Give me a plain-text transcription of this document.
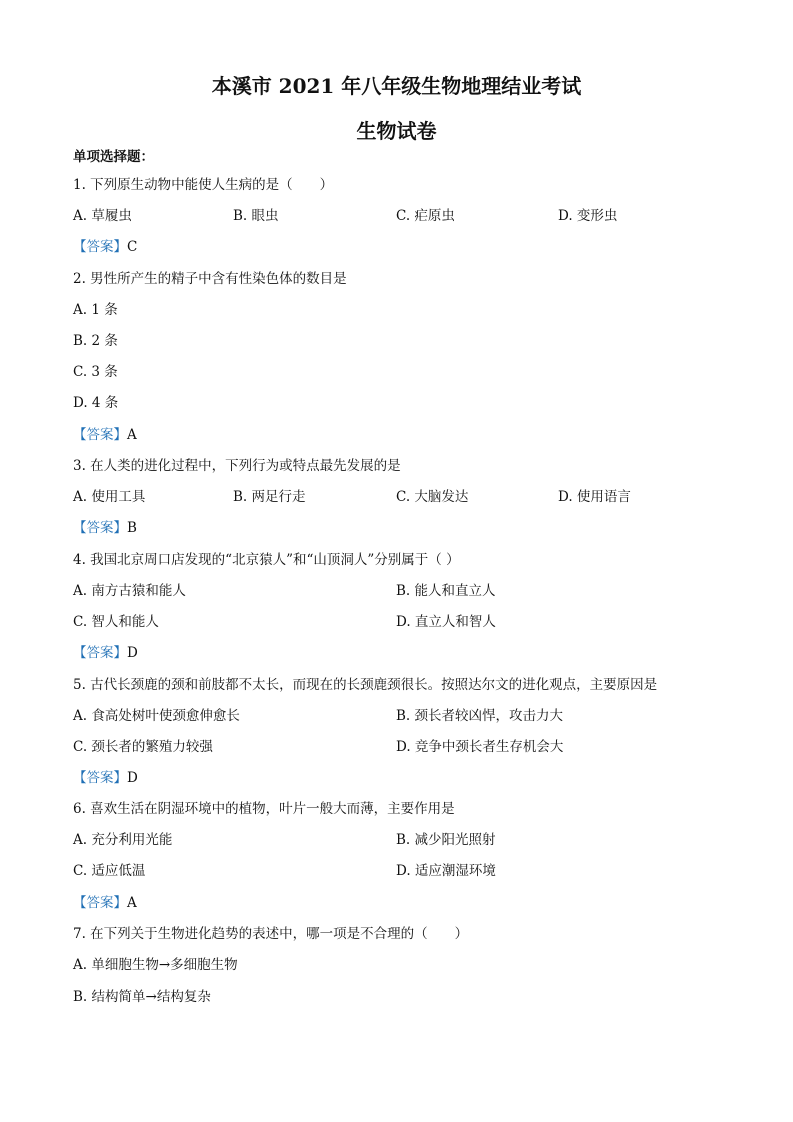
本溪市 2021 年八年级生物地理结业考试
生物试卷
单项选择题：
1. 下列原生动物中能使人生病的是（　　）
A. 草履虫	B. 眼虫	C. 疟原虫	D. 变形虫
【答案】C
2. 男性所产生的精子中含有性染色体的数目是
A. 1 条
B. 2 条
C. 3 条
D. 4 条
【答案】A
3. 在人类的进化过程中，下列行为或特点最先发展的是
A. 使用工具	B. 两足行走	C. 大脑发达	D. 使用语言
【答案】B
4. 我国北京周口店发现的“北京猿人”和“山顶洞人”分别属于（ ）
A. 南方古猿和能人	B. 能人和直立人
C. 智人和能人	D. 直立人和智人
【答案】D
5. 古代长颈鹿的颈和前肢都不太长，而现在的长颈鹿颈很长。按照达尔文的进化观点，主要原因是
A. 食高处树叶使颈愈伸愈长	B. 颈长者较凶悍，攻击力大
C. 颈长者的繁殖力较强	D. 竞争中颈长者生存机会大
【答案】D
6. 喜欢生活在阴湿环境中的植物，叶片一般大而薄，主要作用是
A. 充分利用光能	B. 减少阳光照射
C. 适应低温	D. 适应潮湿环境
【答案】A
7. 在下列关于生物进化趋势的表述中，哪一项是不合理的（　　）
A. 单细胞生物→多细胞生物
B. 结构简单→结构复杂
